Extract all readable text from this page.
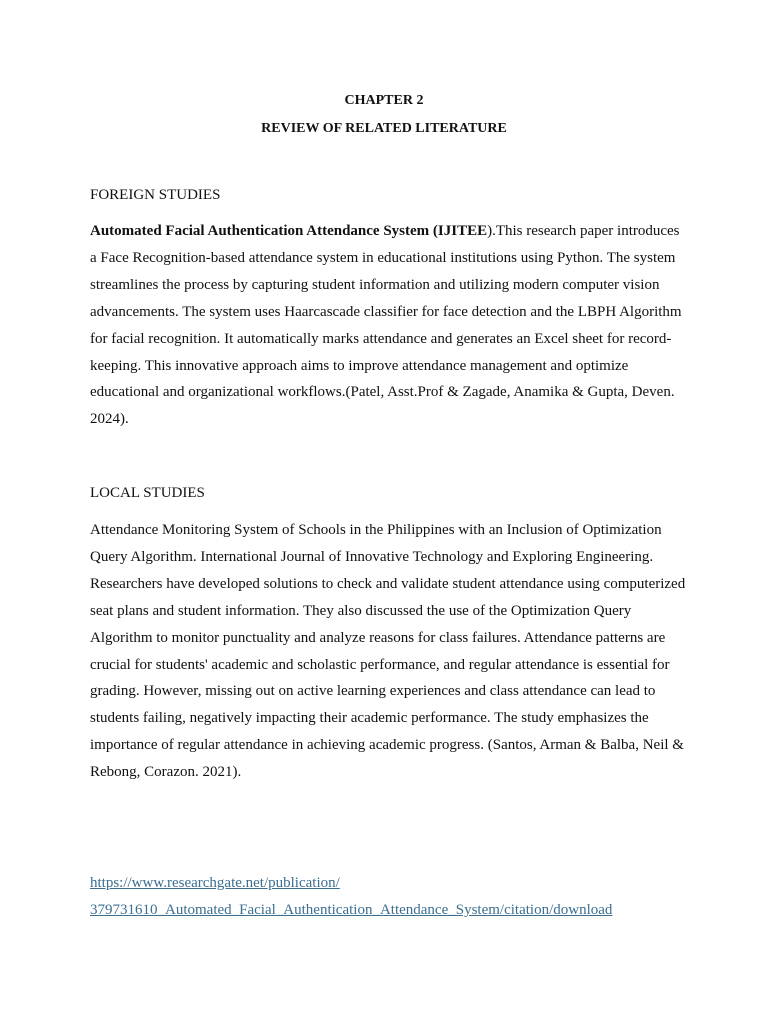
CHAPTER 2
REVIEW OF RELATED LITERATURE
FOREIGN STUDIES

Automated Facial Authentication Attendance System (IJITEE).This research paper introduces a Face Recognition-based attendance system in educational institutions using Python. The system streamlines the process by capturing student information and utilizing modern computer vision advancements. The system uses Haarcascade classifier for face detection and the LBPH Algorithm for facial recognition. It automatically marks attendance and generates an Excel sheet for record-keeping. This innovative approach aims to improve attendance management and optimize educational and organizational workflows.(Patel, Asst.Prof & Zagade, Anamika & Gupta, Deven. 2024).

LOCAL STUDIES

Attendance Monitoring System of Schools in the Philippines with an Inclusion of Optimization Query Algorithm. International Journal of Innovative Technology and Exploring Engineering. Researchers have developed solutions to check and validate student attendance using computerized seat plans and student information. They also discussed the use of the Optimization Query Algorithm to monitor punctuality and analyze reasons for class failures. Attendance patterns are crucial for students' academic and scholastic performance, and regular attendance is essential for grading. However, missing out on active learning experiences and class attendance can lead to students failing, negatively impacting their academic performance. The study emphasizes the importance of regular attendance in achieving academic progress. (Santos, Arman & Balba, Neil & Rebong, Corazon. 2021).

https://www.researchgate.net/publication/
379731610_Automated_Facial_Authentication_Attendance_System/citation/download
